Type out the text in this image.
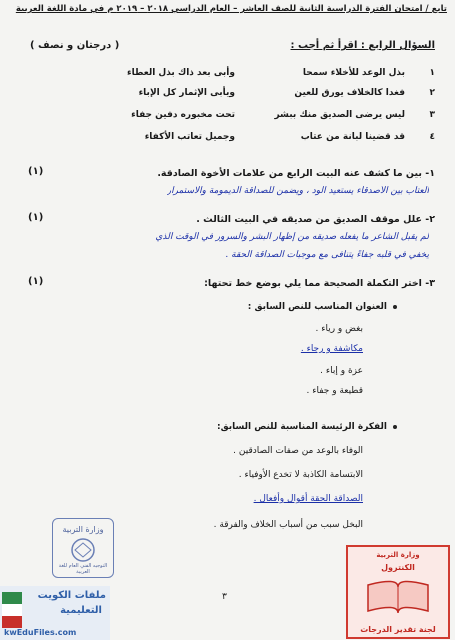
تابع / امتحان الفترة الدراسية الثانية للصف العاشر – العام الدراسي ٢٠١٨ – ٢٠١٩ م في مادة اللغة العربية
السؤال الرابع : اقرأ ثم أجب :
( درجتان و نصف )
١
بذل الوعد للأخلاء سمحا
وأبى بعد ذاك بذل العطاء
٢
فغدا كالخلاف يورق للعين
ويأبى الإثمار كل الإباء
٣
ليس يرضى الصديق منك ببشر
تحت مخبوره دفين جفاء
٤
قد قضينا لبانة من عتاب
وجميل تعاتب الأكفاء
١- بين ما كشف عنه البيت الرابع من علامات الأخوة الصادقة.
(١)
العتاب بين الأصدقاء يستعيد الود ، ويضمن للصداقة الديمومة والاستمرار
٢- علل موقف الصديق من صديقه في البيت الثالث .
(١)
لم يقبل الشاعر ما يفعله صديقه من إظهار البشر والسرور في الوقت الذي
يخفي في قلبه جفاءً يتنافى مع موجبات الصداقة الحقة .
٣- اختر التكملة الصحيحة مما يلي بوضع خط تحتها:
(١)
العنوان المناسب للنص السابق :
بغض و رياء .
مكاشفة و رجاء .
عزة و إباء .
قطيعة و جفاء .
الفكرة الرئيسة المناسبة للنص السابق:
الوفاء بالوعد من صفات الصادقين .
الابتسامة الكاذبة لا تخدع الأوفياء .
الصداقة الحقة أقوال وأفعال .
البخل سبب من أسباب الخلاف والفرقة .
٣
وزارة التربية
التوجيه الفني العام للغة العربية
وزارة التربية
الكنترول
لجنة تقدير الدرجات
ملفات الكويت
التعليمية
kwEduFiles.com
